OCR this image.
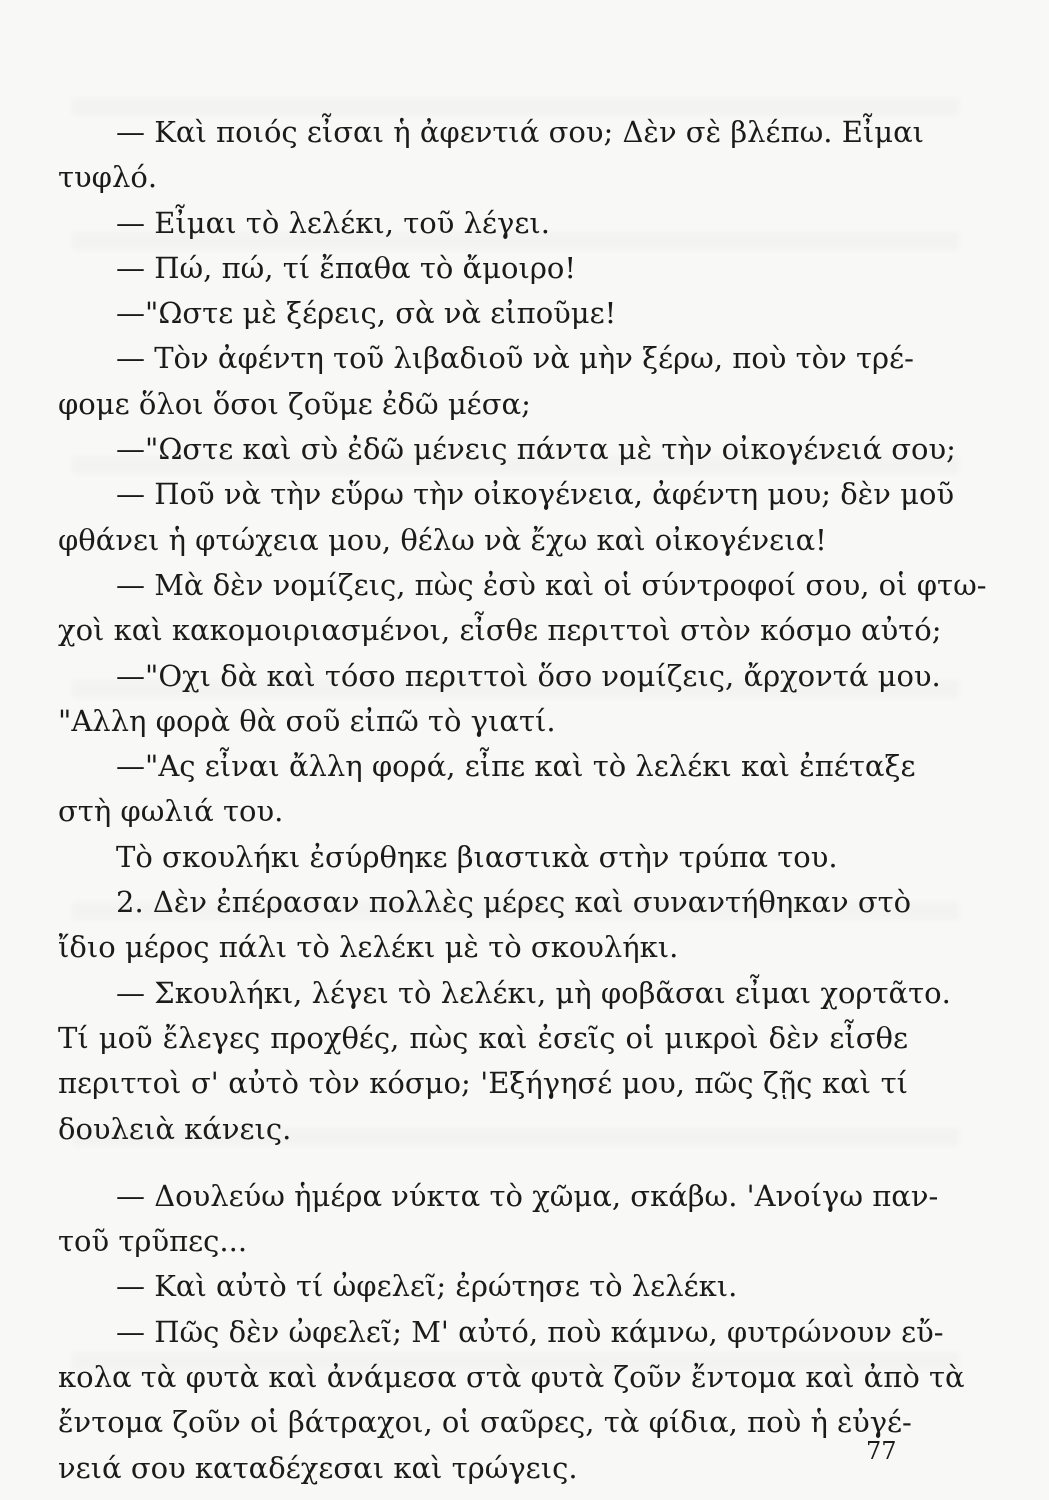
— Καὶ ποιός εἶσαι ἡ ἀφεντιά σου; Δὲν σὲ βλέπω. Εἶμαι
τυφλό.

— Εἶμαι τὸ λελέκι, τοῦ λέγει.

— Πώ, πώ, τί ἔπαθα τὸ ἄμοιρο!

—"Ωστε μὲ ξέρεις, σὰ νὰ εἰποῦμε!

— Τὸν ἀφέντη τοῦ λιβαδιοῦ νὰ μὴν ξέρω, ποὺ τὸν τρέ-
φομε ὅλοι ὅσοι ζοῦμε ἐδῶ μέσα;

—"Ωστε καὶ σὺ ἐδῶ μένεις πάντα μὲ τὴν οἰκογένειά σου;

— Ποῦ νὰ τὴν εὕρω τὴν οἰκογένεια, ἀφέντη μου; δὲν μοῦ
φθάνει ἡ φτώχεια μου, θέλω νὰ ἔχω καὶ οἰκογένεια!

— Μὰ δὲν νομίζεις, πὼς ἐσὺ καὶ οἱ σύντροφοί σου, οἱ φτω-
χοὶ καὶ κακομοιριασμένοι, εἶσθε περιττοὶ στὸν κόσμο αὐτό;

—"Οχι δὰ καὶ τόσο περιττοὶ ὅσο νομίζεις, ἄρχοντά μου.
"Αλλη φορὰ θὰ σοῦ εἰπῶ τὸ γιατί.

—"Ας εἶναι ἄλλη φορά, εἶπε καὶ τὸ λελέκι καὶ ἐπέταξε
στὴ φωλιά του.

Τὸ σκουλήκι ἐσύρθηκε βιαστικὰ στὴν τρύπα του.

2. Δὲν ἐπέρασαν πολλὲς μέρες καὶ συναντήθηκαν στὸ
ἴδιο μέρος πάλι τὸ λελέκι μὲ τὸ σκουλήκι.

— Σκουλήκι, λέγει τὸ λελέκι, μὴ φοβᾶσαι εἶμαι χορτᾶτο.
Τί μοῦ ἔλεγες προχθές, πὼς καὶ ἐσεῖς οἱ μικροὶ δὲν εἶσθε
περιττοὶ σ' αὐτὸ τὸν κόσμο; 'Εξήγησέ μου, πῶς ζῇς καὶ τί
δουλειὰ κάνεις.

— Δουλεύω ἡμέρα νύκτα τὸ χῶμα, σκάβω. 'Ανοίγω παν-
τοῦ τρῦπες...

— Καὶ αὐτὸ τί ὠφελεῖ; ἐρώτησε τὸ λελέκι.

— Πῶς δὲν ὠφελεῖ; Μ' αὐτό, ποὺ κάμνω, φυτρώνουν εὔ-
κολα τὰ φυτὰ καὶ ἀνάμεσα στὰ φυτὰ ζοῦν ἔντομα καὶ ἀπὸ τὰ
ἔντομα ζοῦν οἱ βάτραχοι, οἱ σαῦρες, τὰ φίδια, ποὺ ἡ εὐγέ-
νειά σου καταδέχεσαι καὶ τρώγεις.	77
